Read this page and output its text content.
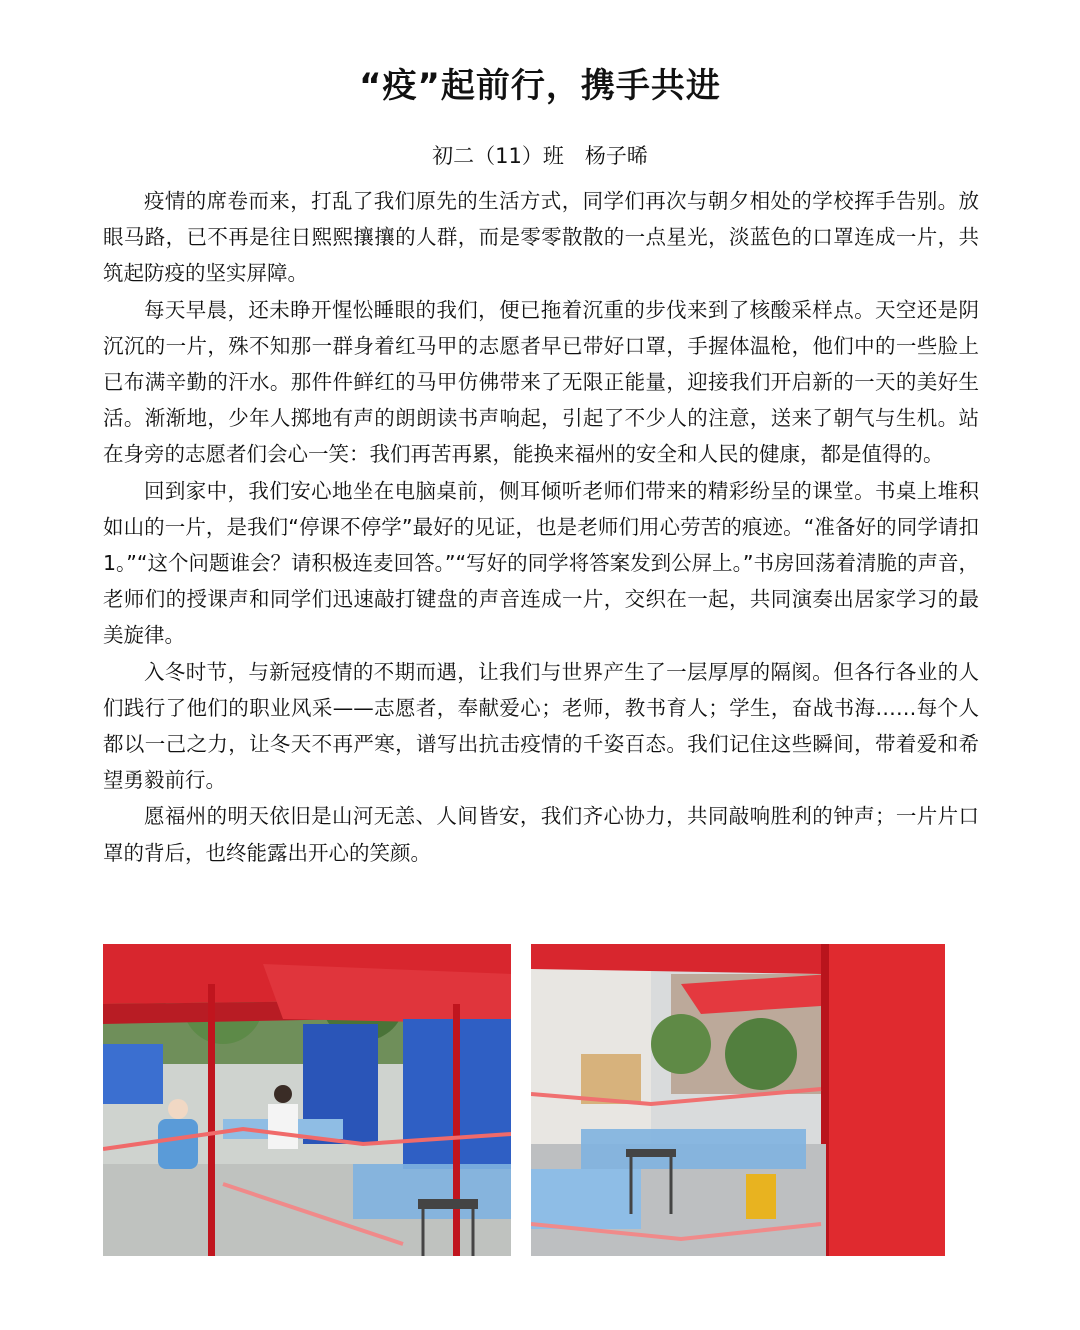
“疫”起前行，携手共进

初二（11）班　杨子晞

疫情的席卷而来，打乱了我们原先的生活方式，同学们再次与朝夕相处的学校挥手告别。放眼马路，已不再是往日熙熙攘攘的人群，而是零零散散的一点星光，淡蓝色的口罩连成一片，共筑起防疫的坚实屏障。

每天早晨，还未睁开惺忪睡眼的我们，便已拖着沉重的步伐来到了核酸采样点。天空还是阴沉沉的一片，殊不知那一群身着红马甲的志愿者早已带好口罩，手握体温枪，他们中的一些脸上已布满辛勤的汗水。那件件鲜红的马甲仿佛带来了无限正能量，迎接我们开启新的一天的美好生活。渐渐地，少年人掷地有声的朗朗读书声响起，引起了不少人的注意，送来了朝气与生机。站在身旁的志愿者们会心一笑：我们再苦再累，能换来福州的安全和人民的健康，都是值得的。

回到家中，我们安心地坐在电脑桌前，侧耳倾听老师们带来的精彩纷呈的课堂。书桌上堆积如山的一片，是我们“停课不停学”最好的见证，也是老师们用心劳苦的痕迹。“准备好的同学请扣 1。”“这个问题谁会？请积极连麦回答。”“写好的同学将答案发到公屏上。”书房回荡着清脆的声音，老师们的授课声和同学们迅速敲打键盘的声音连成一片，交织在一起，共同演奏出居家学习的最美旋律。

入冬时节，与新冠疫情的不期而遇，让我们与世界产生了一层厚厚的隔阂。但各行各业的人们践行了他们的职业风采——志愿者，奉献爱心；老师，教书育人；学生，奋战书海……每个人都以一己之力，让冬天不再严寒，谱写出抗击疫情的千姿百态。我们记住这些瞬间，带着爱和希望勇毅前行。

愿福州的明天依旧是山河无恙、人间皆安，我们齐心协力，共同敲响胜利的钟声；一片片口罩的背后，也终能露出开心的笑颜。
